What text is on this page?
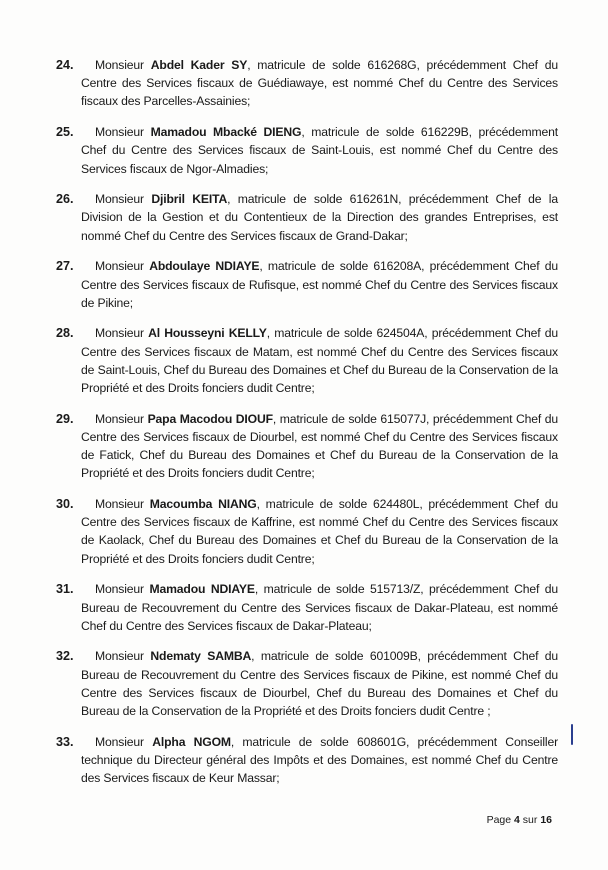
24.	Monsieur Abdel Kader SY, matricule de solde 616268G, précédemment Chef du Centre des Services fiscaux de Guédiawaye, est nommé Chef du Centre des Services fiscaux des Parcelles-Assainies;
25.	Monsieur Mamadou Mbacké DIENG, matricule de solde 616229B, précédemment Chef du Centre des Services fiscaux de Saint-Louis, est nommé Chef du Centre des Services fiscaux de Ngor-Almadies;
26.	Monsieur Djibril KEITA, matricule de solde 616261N, précédemment Chef de la Division de la Gestion et du Contentieux de la Direction des grandes Entreprises, est nommé Chef du Centre des Services fiscaux de Grand-Dakar;
27.	Monsieur Abdoulaye NDIAYE, matricule de solde 616208A, précédemment Chef du Centre des Services fiscaux de Rufisque, est nommé Chef du Centre des Services fiscaux de Pikine;
28.	Monsieur Al Housseyni KELLY, matricule de solde 624504A, précédemment Chef du Centre des Services fiscaux de Matam, est nommé Chef du Centre des Services fiscaux de Saint-Louis, Chef du Bureau des Domaines et Chef du Bureau de la Conservation de la Propriété et des Droits fonciers dudit Centre;
29.	Monsieur Papa Macodou DIOUF, matricule de solde 615077J, précédemment Chef du Centre des Services fiscaux de Diourbel, est nommé Chef du Centre des Services fiscaux de Fatick, Chef du Bureau des Domaines et Chef du Bureau de la Conservation de la Propriété et des Droits fonciers dudit Centre;
30.	Monsieur Macoumba NIANG, matricule de solde 624480L, précédemment Chef du Centre des Services fiscaux de Kaffrine, est nommé Chef du Centre des Services fiscaux de Kaolack, Chef du Bureau des Domaines et Chef du Bureau de la Conservation de la Propriété et des Droits fonciers dudit Centre;
31.	Monsieur Mamadou NDIAYE, matricule de solde 515713/Z, précédemment Chef du Bureau de Recouvrement du Centre des Services fiscaux de Dakar-Plateau, est nommé Chef du Centre des Services fiscaux de Dakar-Plateau;
32.	Monsieur Ndematy SAMBA, matricule de solde 601009B, précédemment Chef du Bureau de Recouvrement du Centre des Services fiscaux de Pikine, est nommé Chef du Centre des Services fiscaux de Diourbel, Chef du Bureau des Domaines et Chef du Bureau de la Conservation de la Propriété et des Droits fonciers dudit Centre ;
33.	Monsieur Alpha NGOM, matricule de solde 608601G, précédemment Conseiller technique du Directeur général des Impôts et des Domaines, est nommé Chef du Centre des Services fiscaux de Keur Massar;
Page 4 sur 16
